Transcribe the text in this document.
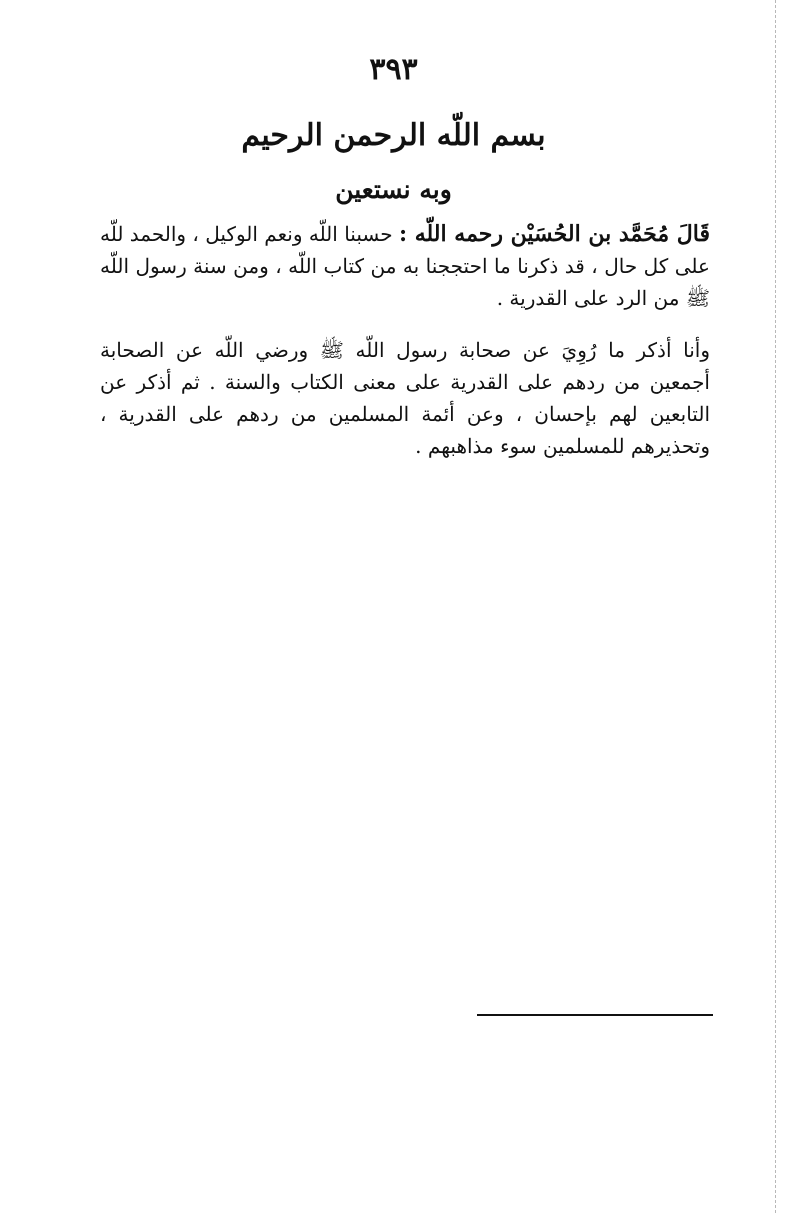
٣٩٣
بسم اللّه الرحمن الرحيم
وبه نستعين

قَالَ مُحَمَّد بن الحُسَيْن رحمه اللّه : حسبنا اللّه ونعم الوكيل ، والحمد للّه على كل حال ، قد ذكرنا ما احتججنا به من كتاب اللّه ، ومن سنة رسول اللّه ﷺ من الرد على القدرية .

وأنا أذكر ما رُوِيَ عن صحابة رسول اللّه ﷺ ورضي اللّه عن الصحابة أجمعين من ردهم على القدرية على معنى الكتاب والسنة . ثم أذكر عن التابعين لهم بإحسان ، وعن أئمة المسلمين من ردهم على القدرية ، وتحذيرهم للمسلمين سوء مذاهبهم .
